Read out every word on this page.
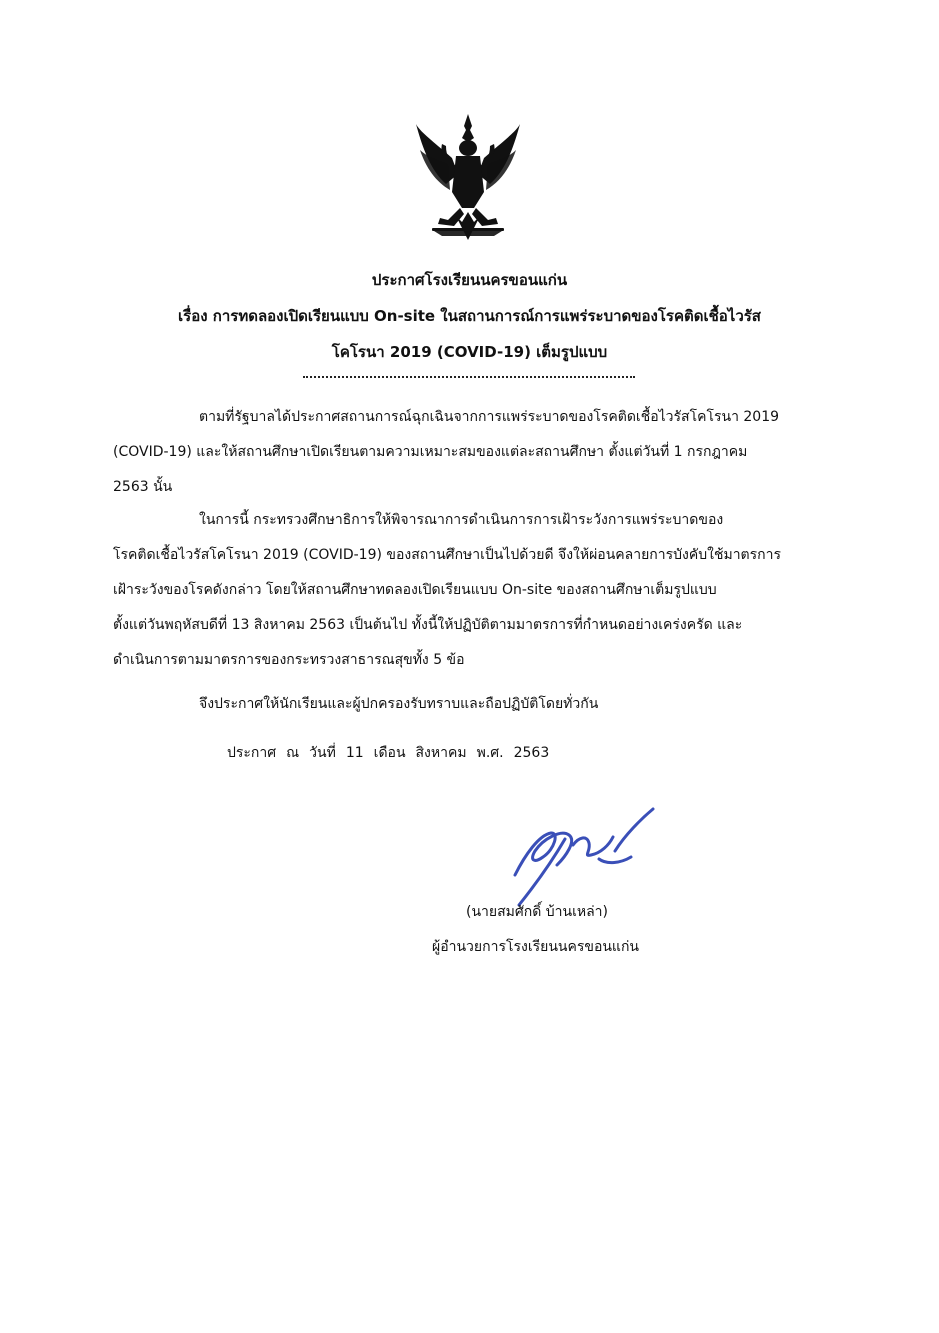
ประกาศโรงเรียนนครขอนแก่น
เรื่อง การทดลองเปิดเรียนแบบ On-site ในสถานการณ์การแพร่ระบาดของโรคติดเชื้อไวรัส
โคโรนา 2019 (COVID-19) เต็มรูปแบบ
ตามที่รัฐบาลได้ประกาศสถานการณ์ฉุกเฉินจากการแพร่ระบาดของโรคติดเชื้อไวรัสโคโรนา 2019
(COVID-19) และให้สถานศึกษาเปิดเรียนตามความเหมาะสมของแต่ละสถานศึกษา ตั้งแต่วันที่ 1 กรกฎาคม
2563 นั้น
ในการนี้ กระทรวงศึกษาธิการให้พิจารณาการดำเนินการการเฝ้าระวังการแพร่ระบาดของ
โรคติดเชื้อไวรัสโคโรนา 2019 (COVID-19) ของสถานศึกษาเป็นไปด้วยดี จึงให้ผ่อนคลายการบังคับใช้มาตรการ
เฝ้าระวังของโรคดังกล่าว โดยให้สถานศึกษาทดลองเปิดเรียนแบบ On-site ของสถานศึกษาเต็มรูปแบบ
ตั้งแต่วันพฤหัสบดีที่ 13 สิงหาคม 2563 เป็นต้นไป ทั้งนี้ให้ปฏิบัติตามมาตรการที่กำหนดอย่างเคร่งครัด และ
ดำเนินการตามมาตรการของกระทรวงสาธารณสุขทั้ง 5 ข้อ
จึงประกาศให้นักเรียนและผู้ปกครองรับทราบและถือปฏิบัติโดยทั่วกัน
ประกาศ ณ วันที่ 11 เดือน สิงหาคม พ.ศ. 2563
(นายสมศักดิ์ บ้านเหล่า)
ผู้อำนวยการโรงเรียนนครขอนแก่น
